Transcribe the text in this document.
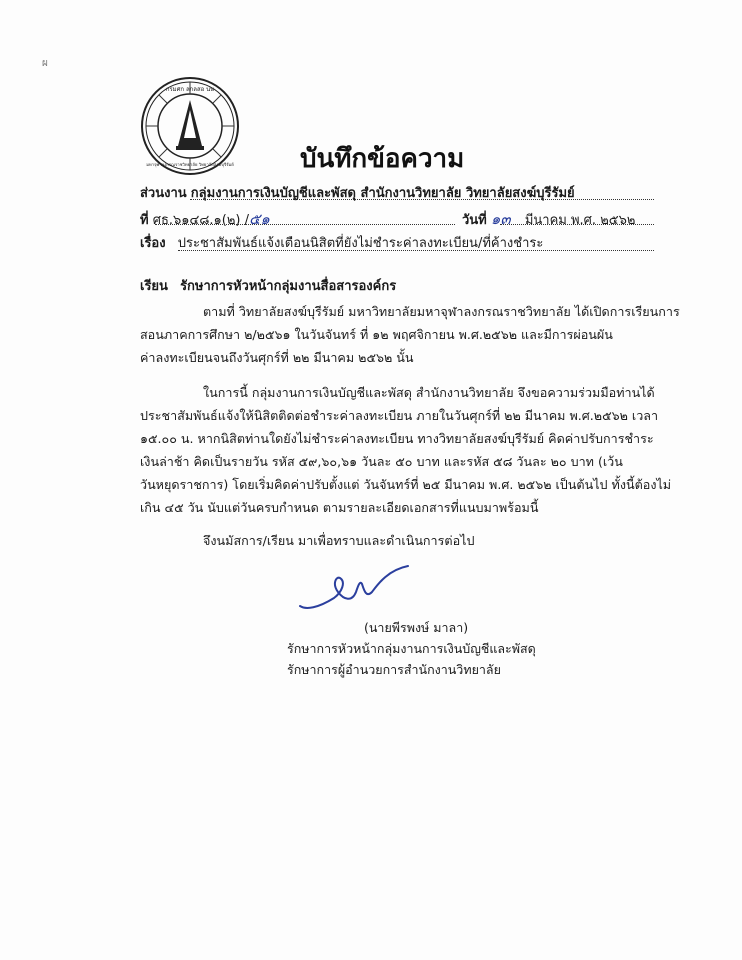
ผ
กรมศก ลกลสอ นษ
มหาจุฬาลงกรณราชวิทยาลัย วิทยาลัยสงฆ์บุรีรัมย์	บันทึกข้อความ
ส่วนงาน กลุ่มงานการเงินบัญชีและพัสดุ สำนักงานวิทยาลัย วิทยาลัยสงฆ์บุรีรัมย์
ที่ ศธ.๖๑๔๘.๑(๒) /๕๑	วันที่ ๑๓ มีนาคม พ.ศ. ๒๕๖๒
เรื่อง ประชาสัมพันธ์แจ้งเตือนนิสิตที่ยังไม่ชำระค่าลงทะเบียน/ที่ค้างชำระ
เรียน รักษาการหัวหน้ากลุ่มงานสื่อสารองค์กร
ตามที่ วิทยาลัยสงฆ์บุรีรัมย์ มหาวิทยาลัยมหาจุฬาลงกรณราชวิทยาลัย ได้เปิดการเรียนการ
สอนภาคการศึกษา ๒/๒๕๖๑ ในวันจันทร์ ที่ ๑๒ พฤศจิกายน พ.ศ.๒๕๖๒ และมีการผ่อนผัน
ค่าลงทะเบียนจนถึงวันศุกร์ที่ ๒๒ มีนาคม ๒๕๖๒ นั้น
ในการนี้ กลุ่มงานการเงินบัญชีและพัสดุ สำนักงานวิทยาลัย จึงขอความร่วมมือท่านได้
ประชาสัมพันธ์แจ้งให้นิสิตติดต่อชำระค่าลงทะเบียน ภายในวันศุกร์ที่ ๒๒ มีนาคม พ.ศ.๒๕๖๒ เวลา
๑๕.๐๐ น. หากนิสิตท่านใดยังไม่ชำระค่าลงทะเบียน ทางวิทยาลัยสงฆ์บุรีรัมย์ คิดค่าปรับการชำระ
เงินล่าช้า คิดเป็นรายวัน รหัส ๕๙,๖๐,๖๑ วันละ ๕๐ บาท และรหัส ๕๘ วันละ ๒๐ บาท (เว้น
วันหยุดราชการ) โดยเริ่มคิดค่าปรับตั้งแต่ วันจันทร์ที่ ๒๕ มีนาคม พ.ศ. ๒๕๖๒ เป็นต้นไป ทั้งนี้ต้องไม่
เกิน ๔๕ วัน นับแต่วันครบกำหนด ตามรายละเอียดเอกสารที่แนบมาพร้อมนี้
จึงนมัสการ/เรียน มาเพื่อทราบและดำเนินการต่อไป
(นายพีรพงษ์ มาลา)
รักษาการหัวหน้ากลุ่มงานการเงินบัญชีและพัสดุ
รักษาการผู้อำนวยการสำนักงานวิทยาลัย
